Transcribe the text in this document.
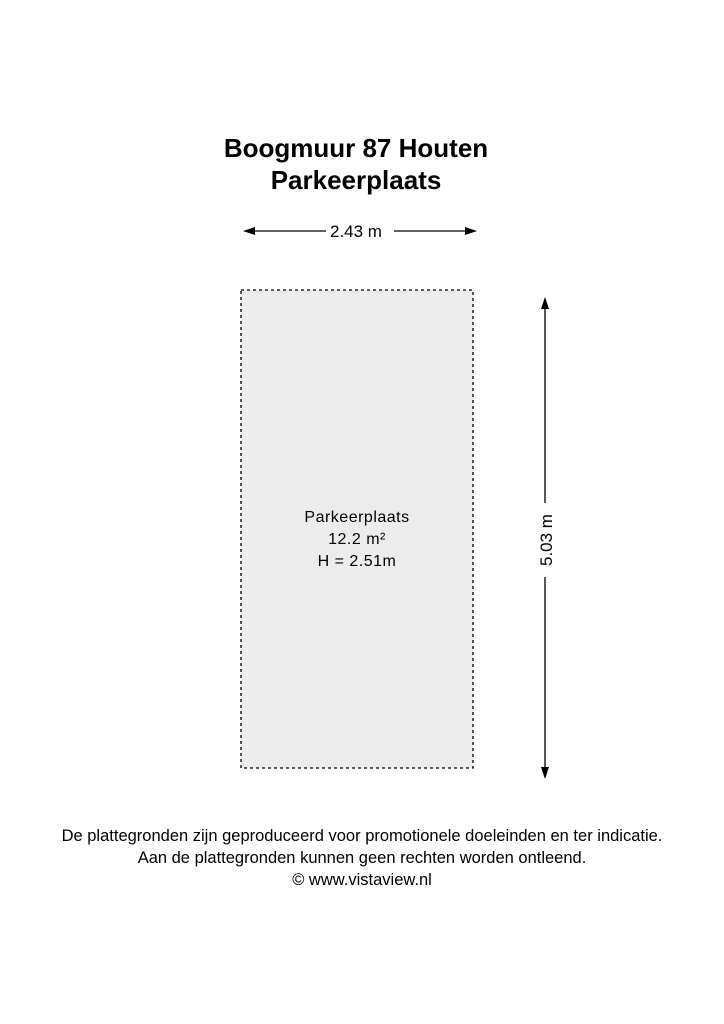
Boogmuur 87 Houten
Parkeerplaats
2.43 m
5.03 m
Parkeerplaats
12.2 m²
H = 2.51m
De plattegronden zijn geproduceerd voor promotionele doeleinden en ter indicatie.
Aan de plattegronden kunnen geen rechten worden ontleend.
© www.vistaview.nl
